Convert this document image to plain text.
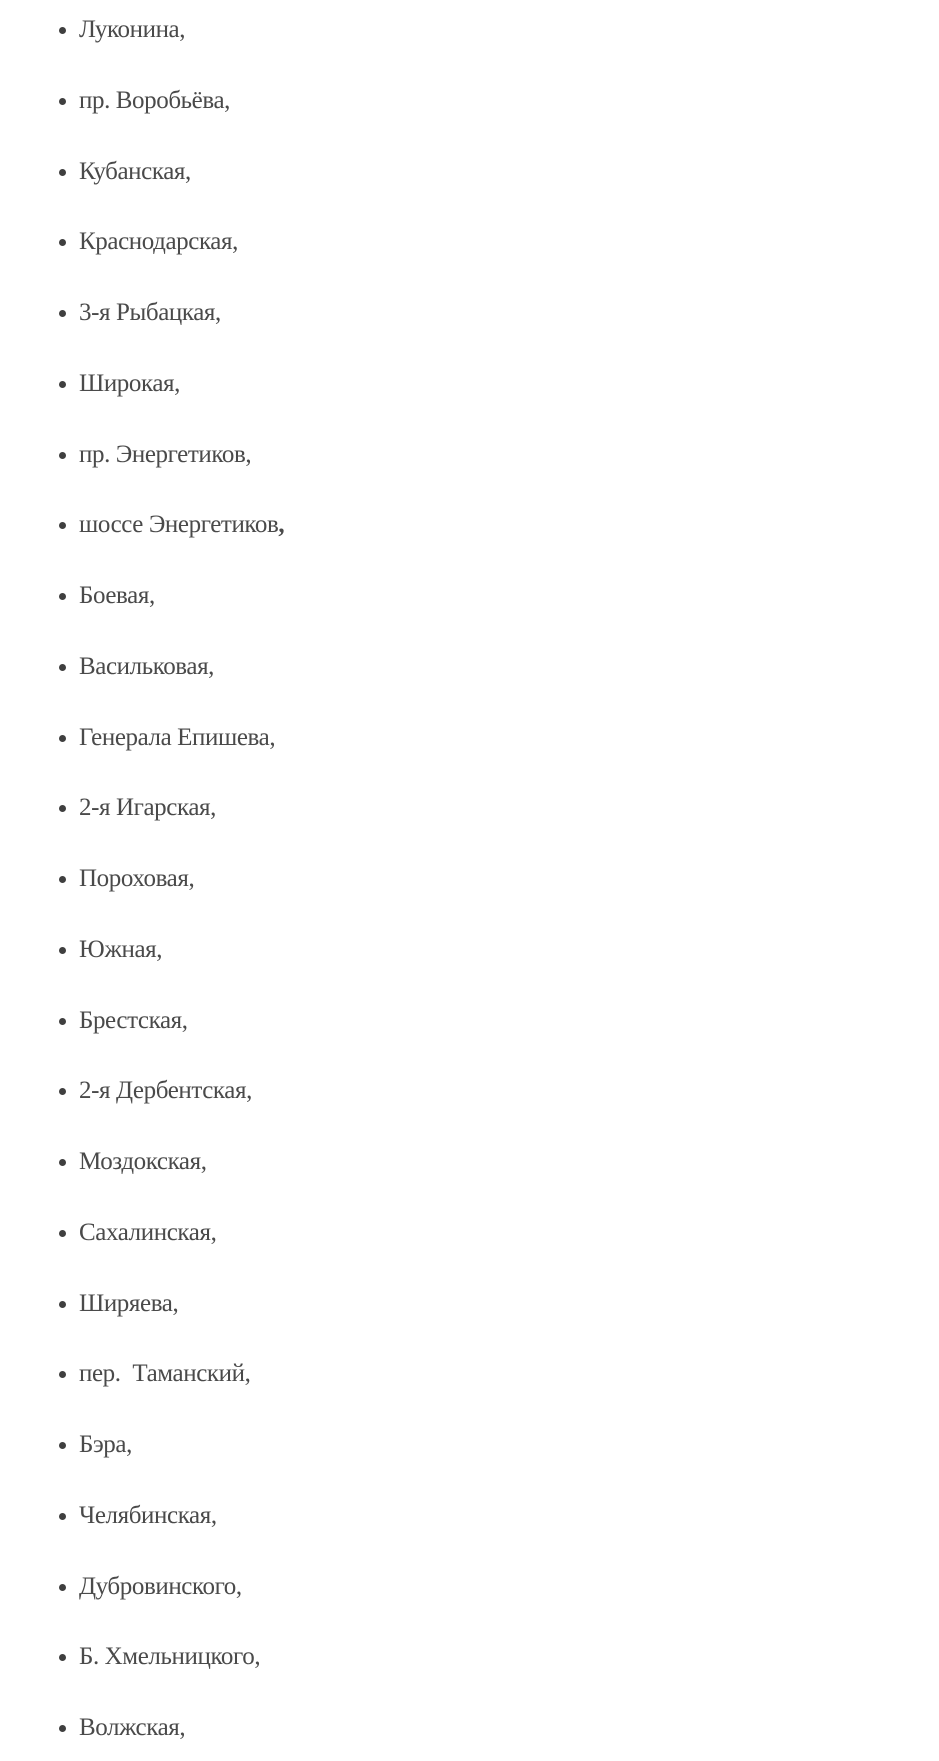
Луконина,
пр. Воробьёва,
Кубанская,
Краснодарская,
3-я Рыбацкая,
Широкая,
пр. Энергетиков,
шоссе Энергетиков,
Боевая,
Васильковая,
Генерала Епишева,
2-я Игарская,
Пороховая,
Южная,
Брестская,
2-я Дербентская,
Моздокская,
Сахалинская,
Ширяева,
пер.  Таманский,
Бэра,
Челябинская,
Дубровинского,
Б. Хмельницкого,
Волжская,
